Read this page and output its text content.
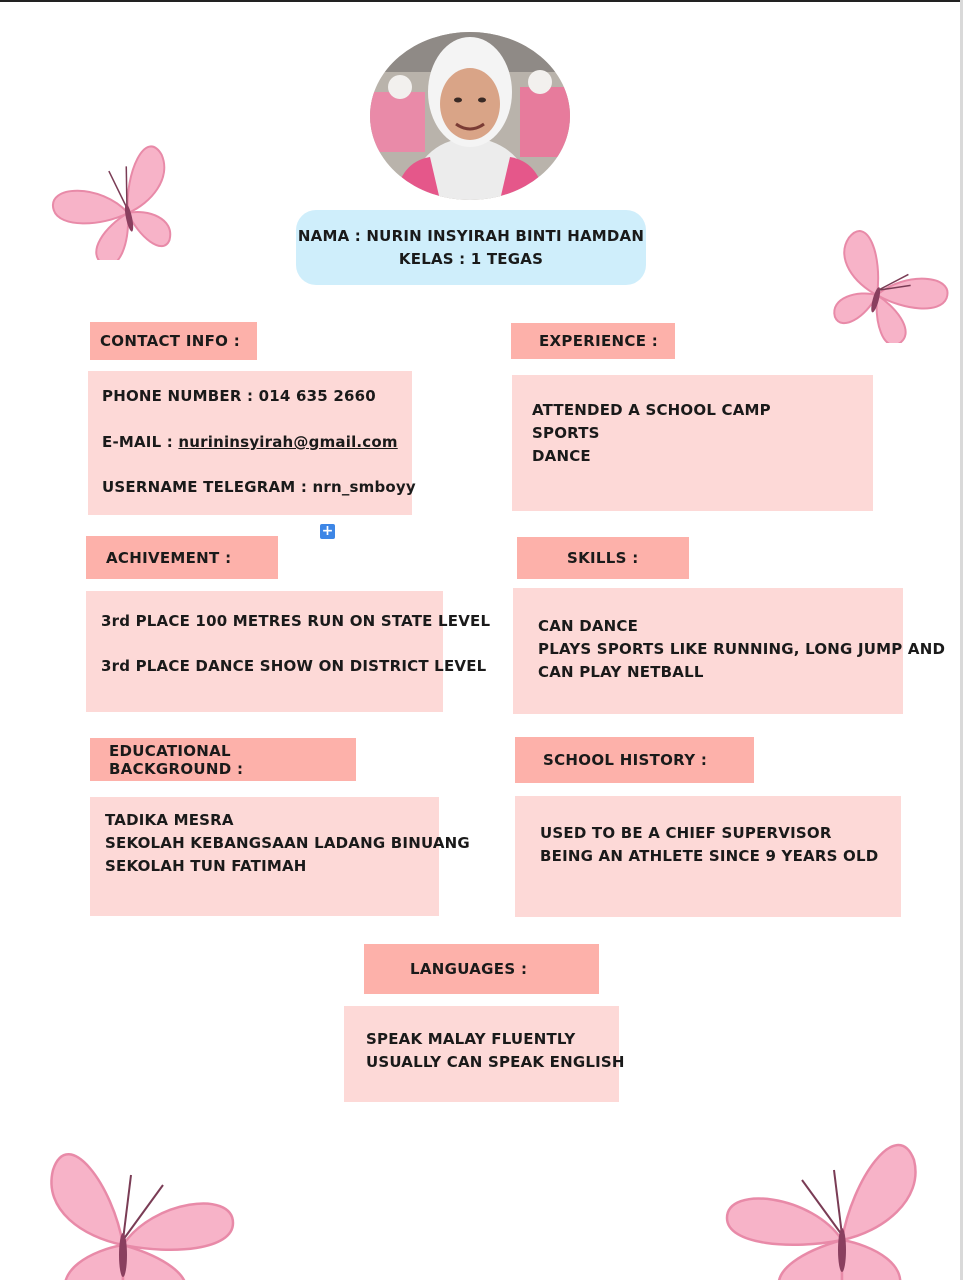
NAMA : NURIN INSYIRAH BINTI HAMDAN
KELAS : 1 TEGAS
CONTACT INFO :
PHONE NUMBER : 014 635 2660
E-MAIL : nurininsyirah@gmail.com
USERNAME TELEGRAM : nrn_smboyy
+
EXPERIENCE :
ATTENDED A SCHOOL CAMP
SPORTS
DANCE
ACHIVEMENT :
3rd PLACE 100 METRES RUN ON STATE LEVEL
3rd PLACE DANCE SHOW ON DISTRICT LEVEL
SKILLS :
CAN DANCE
PLAYS SPORTS LIKE RUNNING, LONG JUMP AND
CAN PLAY NETBALL
EDUCATIONAL BACKGROUND :
TADIKA MESRA
SEKOLAH KEBANGSAAN LADANG BINUANG
SEKOLAH TUN FATIMAH
SCHOOL HISTORY :
USED TO BE A CHIEF SUPERVISOR
BEING AN ATHLETE SINCE 9 YEARS OLD
LANGUAGES :
SPEAK MALAY FLUENTLY
USUALLY CAN SPEAK ENGLISH
